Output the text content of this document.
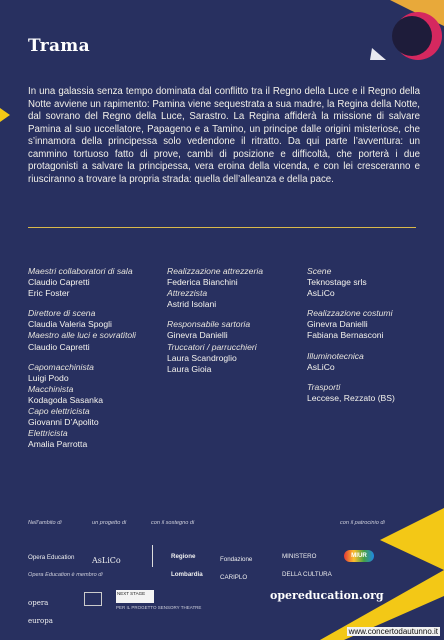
Trama
In una galassia senza tempo dominata dal conflitto tra il Regno della Luce e il Regno della Notte avviene un rapimento: Pamina viene sequestrata a sua madre, la Regina della Notte, dal sovrano del Regno della Luce, Sarastro. La Regina affiderà la missione di salvare Pamina al suo uccellatore, Papageno e a Tamino, un principe dalle origini misteriose, che s’innamora della principessa solo vedendone il ritratto. Da qui parte l’avventura: un cammino tortuoso fatto di prove, cambi di posizione e difficoltà, che porterà i due protagonisti a salvare la principessa, vera eroina della vicenda, e con lei cresceranno e riusciranno a trovare la propria strada: quella dell’alleanza e della pace.
Maestri collaboratori di sala
Claudio Capretti
Eric Foster
Direttore di scena
Claudia Valeria Spogli
Maestro alle luci e sovratitoli
Claudio Capretti
Capomacchinista
Luigi Podo
Macchinista
Kodagoda Sasanka
Capo elettricista
Giovanni D’Apolito
Elettricista
Amalia Parrotta
Realizzazione attrezzeria
Federica Bianchini
Attrezzista
Astrid Isolani
Responsabile sartoria
Ginevra Danielli
Truccatori / parrucchieri
Laura Scandroglio
Laura Gioia
Scene
Teknostage srls
AsLiCo
Realizzazione costumi
Ginevra Danielli
Fabiana Bernasconi
Illuminotecnica
AsLiCo
Trasporti
Leccese, Rezzato (BS)
Nell’ambito di	un progetto di	con il sostegno di	con il patrocinio di
Opera Education	AsLiCo	Regione Lombardia
Fondazione CARIPLO
MINISTERO DELLA CULTURA
MIUR
Opera Education è membro di
opera europa
NEXT STAGE
PER IL PROGETTO SENSORY THEATRE
opereducation.org
www.concertodautunno.it
